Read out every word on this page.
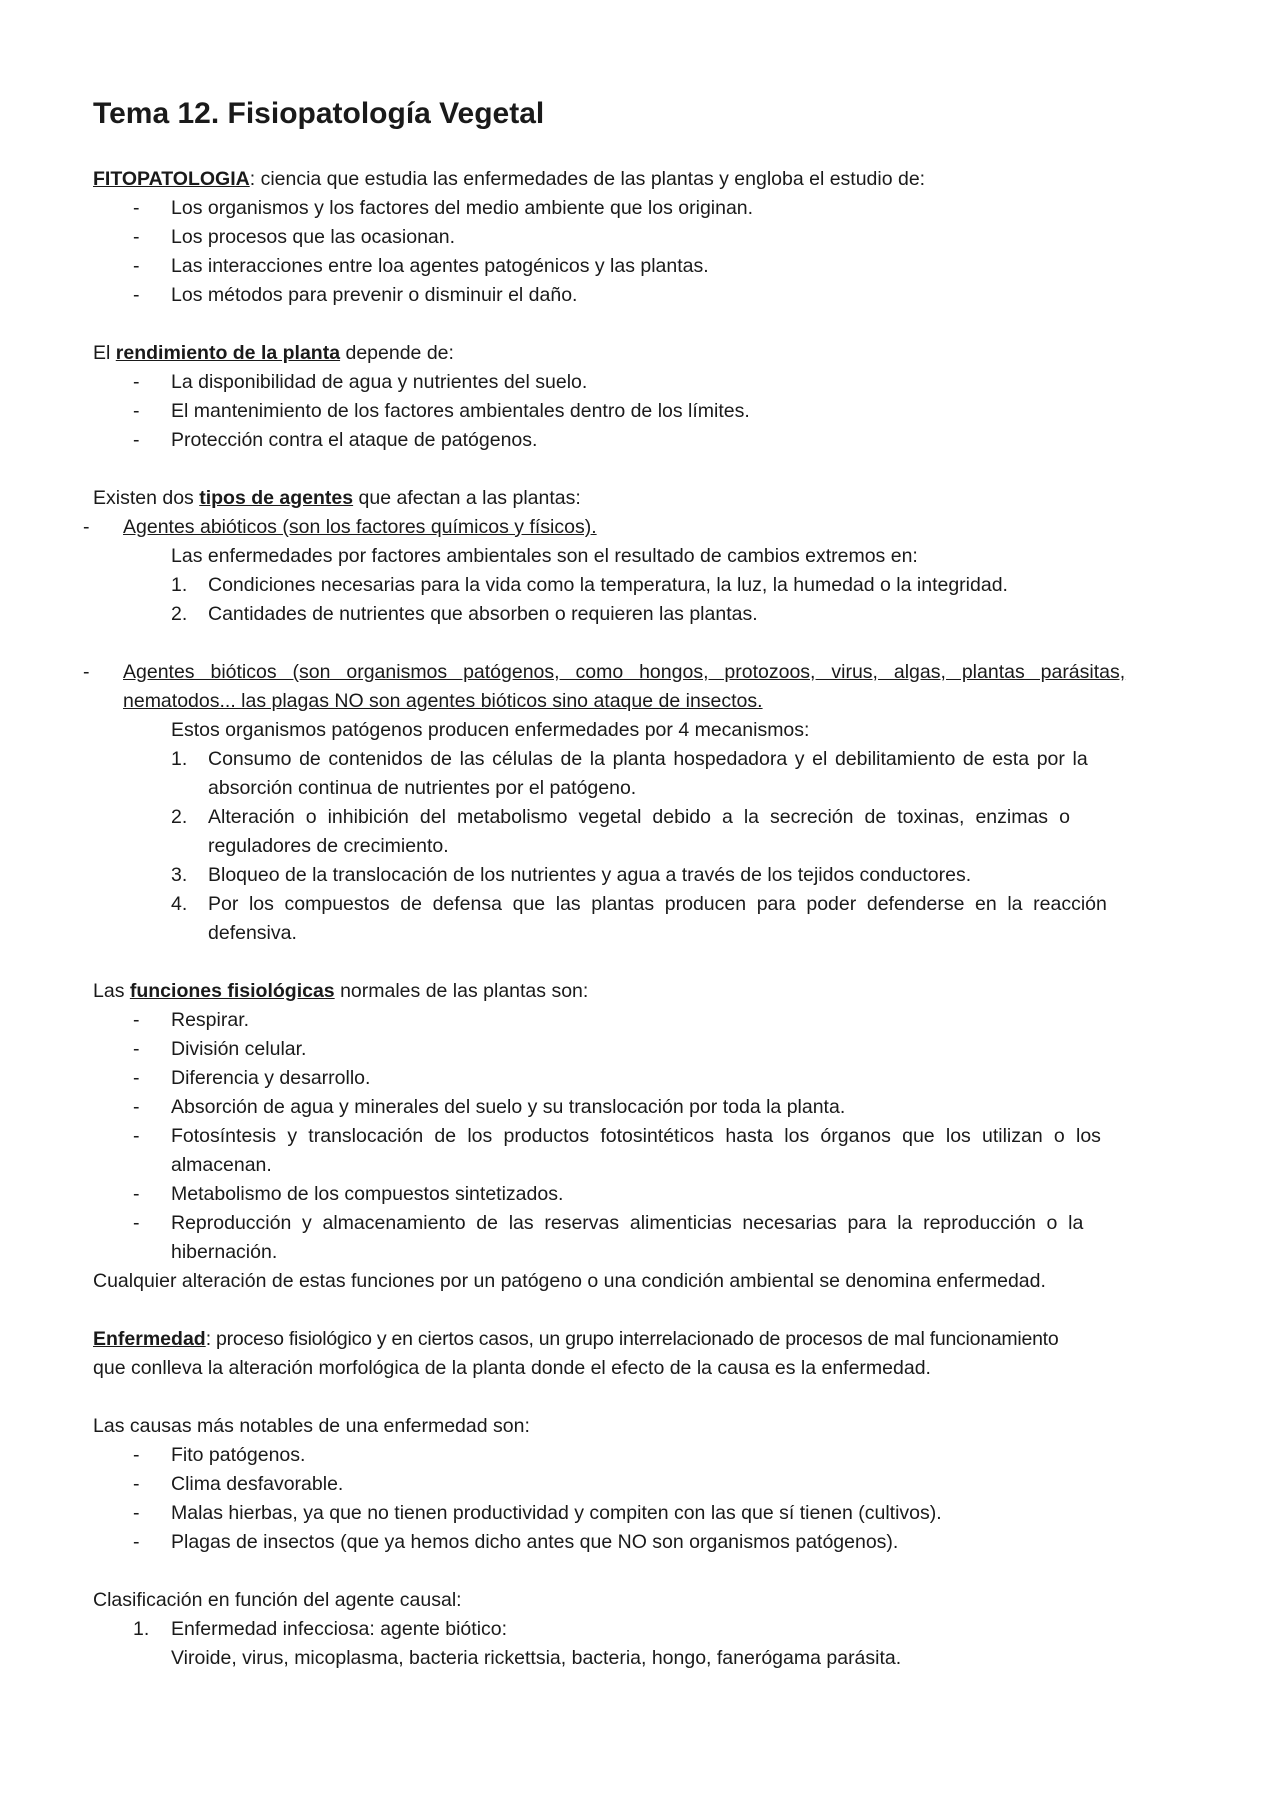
Tema 12. Fisiopatología Vegetal
FITOPATOLOGIA: ciencia que estudia las enfermedades de las plantas y engloba el estudio de:
- Los organismos y los factores del medio ambiente que los originan.
- Los procesos que las ocasionan.
- Las interacciones entre loa agentes patogénicos y las plantas.
- Los métodos para prevenir o disminuir el daño.
El rendimiento de la planta depende de:
- La disponibilidad de agua y nutrientes del suelo.
- El mantenimiento de los factores ambientales dentro de los límites.
- Protección contra el ataque de patógenos.
Existen dos tipos de agentes que afectan a las plantas:
- Agentes abióticos (son los factores químicos y físicos).
Las enfermedades por factores ambientales son el resultado de cambios extremos en:
1. Condiciones necesarias para la vida como la temperatura, la luz, la humedad o la integridad.
2. Cantidades de nutrientes que absorben o requieren las plantas.
- Agentes bióticos (son organismos patógenos, como hongos, protozoos, virus, algas, plantas parásitas,
nematodos... las plagas NO son agentes bióticos sino ataque de insectos.
Estos organismos patógenos producen enfermedades por 4 mecanismos:
1. Consumo de contenidos de las células de la planta hospedadora y el debilitamiento de esta por la
absorción continua de nutrientes por el patógeno.
2. Alteración o inhibición del metabolismo vegetal debido a la secreción de toxinas, enzimas o
reguladores de crecimiento.
3. Bloqueo de la translocación de los nutrientes y agua a través de los tejidos conductores.
4. Por los compuestos de defensa que las plantas producen para poder defenderse en la reacción
defensiva.
Las funciones fisiológicas normales de las plantas son:
- Respirar.
- División celular.
- Diferencia y desarrollo.
- Absorción de agua y minerales del suelo y su translocación por toda la planta.
- Fotosíntesis y translocación de los productos fotosintéticos hasta los órganos que los utilizan o los
almacenan.
- Metabolismo de los compuestos sintetizados.
- Reproducción y almacenamiento de las reservas alimenticias necesarias para la reproducción o la
hibernación.
Cualquier alteración de estas funciones por un patógeno o una condición ambiental se denomina enfermedad.
Enfermedad: proceso fisiológico y en ciertos casos, un grupo interrelacionado de procesos de mal funcionamiento
que conlleva la alteración morfológica de la planta donde el efecto de la causa es la enfermedad.
Las causas más notables de una enfermedad son:
- Fito patógenos.
- Clima desfavorable.
- Malas hierbas, ya que no tienen productividad y compiten con las que sí tienen (cultivos).
- Plagas de insectos (que ya hemos dicho antes que NO son organismos patógenos).
Clasificación en función del agente causal:
1. Enfermedad infecciosa: agente biótico:
Viroide, virus, micoplasma, bacteria rickettsia, bacteria, hongo, fanerógama parásita.
